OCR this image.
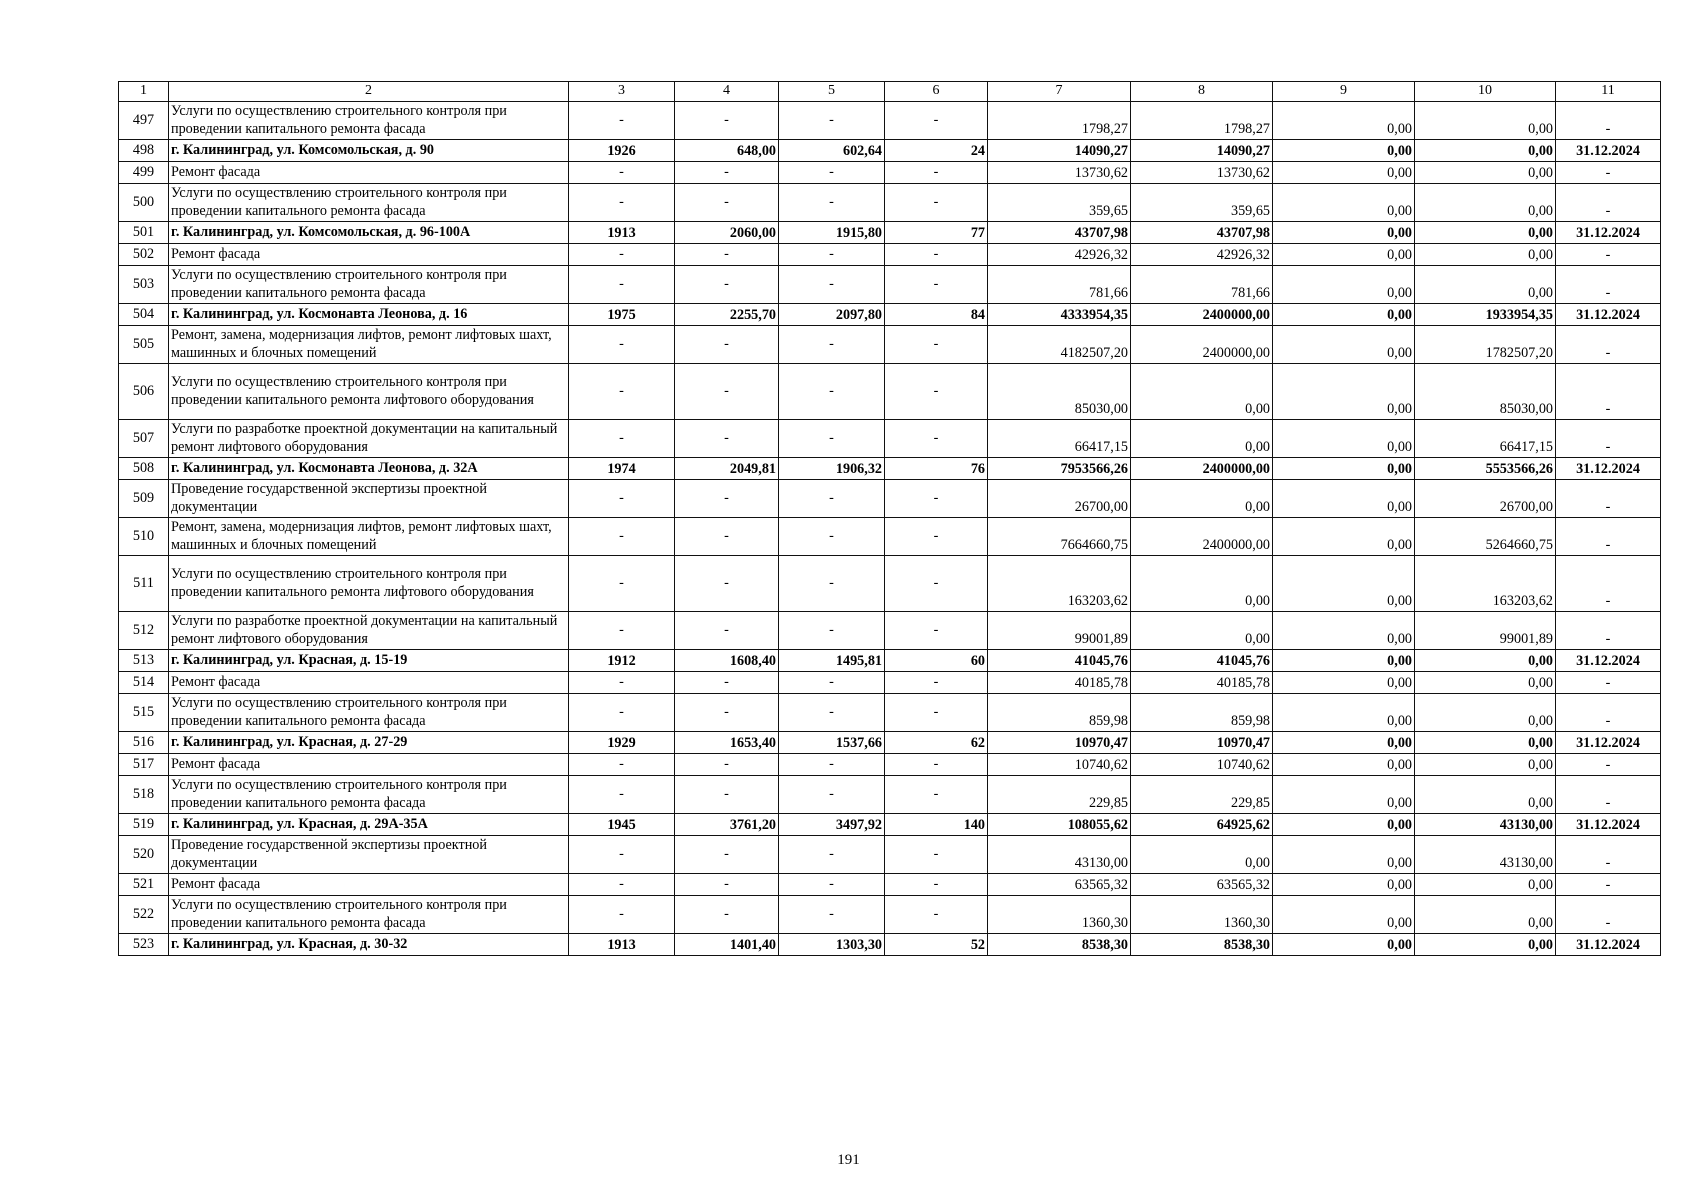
1	2	3	4	5	6	7	8	9	10	11
497	Услуги по осуществлению строительного контроля при проведении капитального ремонта фасада	-	-	-	-	1798,27	1798,27	0,00	0,00	-
498	г. Калининград, ул. Комсомольская, д. 90	1926	648,00	602,64	24	14090,27	14090,27	0,00	0,00	31.12.2024
499	Ремонт фасада	-	-	-	-	13730,62	13730,62	0,00	0,00	-
500	Услуги по осуществлению строительного контроля при проведении капитального ремонта фасада	-	-	-	-	359,65	359,65	0,00	0,00	-
501	г. Калининград, ул. Комсомольская, д. 96-100А	1913	2060,00	1915,80	77	43707,98	43707,98	0,00	0,00	31.12.2024
502	Ремонт фасада	-	-	-	-	42926,32	42926,32	0,00	0,00	-
503	Услуги по осуществлению строительного контроля при проведении капитального ремонта фасада	-	-	-	-	781,66	781,66	0,00	0,00	-
504	г. Калининград, ул. Космонавта Леонова, д. 16	1975	2255,70	2097,80	84	4333954,35	2400000,00	0,00	1933954,35	31.12.2024
505	Ремонт, замена, модернизация лифтов, ремонт лифтовых шахт, машинных и блочных помещений	-	-	-	-	4182507,20	2400000,00	0,00	1782507,20	-
506	Услуги по осуществлению строительного контроля при проведении капитального ремонта лифтового оборудования	-	-	-	-	85030,00	0,00	0,00	85030,00	-
507	Услуги по разработке проектной документации на капитальный ремонт лифтового оборудования	-	-	-	-	66417,15	0,00	0,00	66417,15	-
508	г. Калининград, ул. Космонавта Леонова, д. 32А	1974	2049,81	1906,32	76	7953566,26	2400000,00	0,00	5553566,26	31.12.2024
509	Проведение государственной экспертизы проектной документации	-	-	-	-	26700,00	0,00	0,00	26700,00	-
510	Ремонт, замена, модернизация лифтов, ремонт лифтовых шахт, машинных и блочных помещений	-	-	-	-	7664660,75	2400000,00	0,00	5264660,75	-
511	Услуги по осуществлению строительного контроля при проведении капитального ремонта лифтового оборудования	-	-	-	-	163203,62	0,00	0,00	163203,62	-
512	Услуги по разработке проектной документации на капитальный ремонт лифтового оборудования	-	-	-	-	99001,89	0,00	0,00	99001,89	-
513	г. Калининград, ул. Красная, д. 15-19	1912	1608,40	1495,81	60	41045,76	41045,76	0,00	0,00	31.12.2024
514	Ремонт фасада	-	-	-	-	40185,78	40185,78	0,00	0,00	-
515	Услуги по осуществлению строительного контроля при проведении капитального ремонта фасада	-	-	-	-	859,98	859,98	0,00	0,00	-
516	г. Калининград, ул. Красная, д. 27-29	1929	1653,40	1537,66	62	10970,47	10970,47	0,00	0,00	31.12.2024
517	Ремонт фасада	-	-	-	-	10740,62	10740,62	0,00	0,00	-
518	Услуги по осуществлению строительного контроля при проведении капитального ремонта фасада	-	-	-	-	229,85	229,85	0,00	0,00	-
519	г. Калининград, ул. Красная, д. 29А-35А	1945	3761,20	3497,92	140	108055,62	64925,62	0,00	43130,00	31.12.2024
520	Проведение государственной экспертизы проектной документации	-	-	-	-	43130,00	0,00	0,00	43130,00	-
521	Ремонт фасада	-	-	-	-	63565,32	63565,32	0,00	0,00	-
522	Услуги по осуществлению строительного контроля при проведении капитального ремонта фасада	-	-	-	-	1360,30	1360,30	0,00	0,00	-
523	г. Калининград, ул. Красная, д. 30-32	1913	1401,40	1303,30	52	8538,30	8538,30	0,00	0,00	31.12.2024
191
